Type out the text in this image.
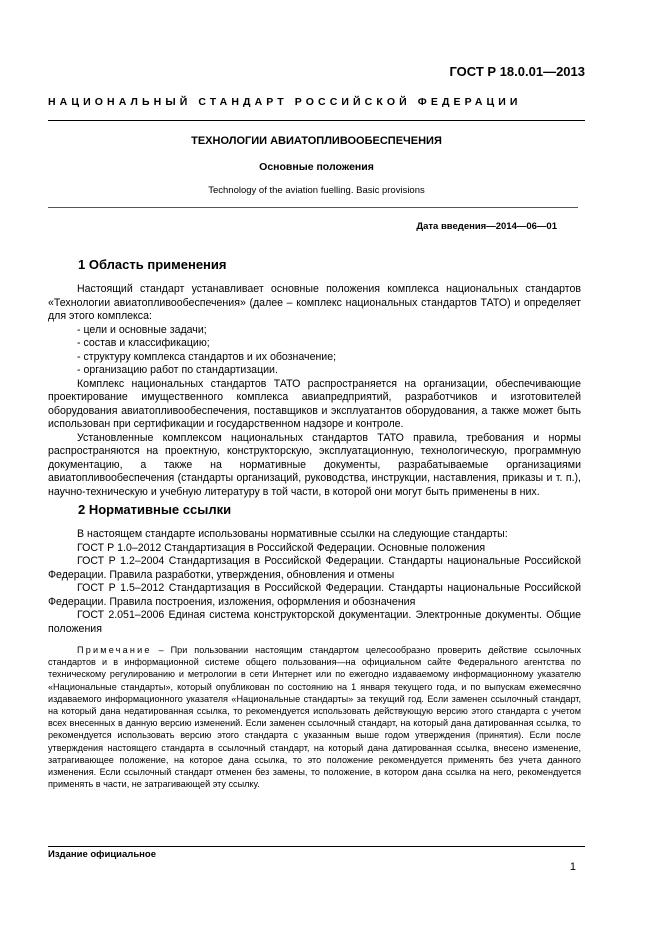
ГОСТ Р 18.0.01—2013
НАЦИОНАЛЬНЫЙ СТАНДАРТ РОССИЙСКОЙ ФЕДЕРАЦИИ
ТЕХНОЛОГИИ АВИАТОПЛИВООБЕСПЕЧЕНИЯ
Основные положения
Technology of the aviation fuelling. Basic provisions
Дата введения—2014—06—01
1 Область применения

Настоящий стандарт устанавливает основные положения комплекса национальных стандартов «Технологии авиатопливообеспечения» (далее – комплекс национальных стандартов ТАТО) и определяет для этого комплекса:

- цели и основные задачи;

- состав и классификацию;

- структуру комплекса стандартов и их обозначение;

- организацию работ по стандартизации.

Комплекс национальных стандартов ТАТО распространяется на организации, обеспечивающие проектирование имущественного комплекса авиапредприятий, разработчиков и изготовителей оборудования авиатопливообеспечения, поставщиков и эксплуатантов оборудования, а также может быть использован при сертификации и государственном надзоре и контроле.

Установленные комплексом национальных стандартов ТАТО правила, требования и нормы распространяются на проектную, конструкторскую, эксплуатационную, технологическую, программную документацию, а также на нормативные документы, разрабатываемые организациями авиатопливообеспечения (стандарты организаций, руководства, инструкции, наставления, приказы и т. п.), научно-техническую и учебную литературу в той части, в которой они могут быть применены в них.

2 Нормативные ссылки

В настоящем стандарте использованы нормативные ссылки на следующие стандарты:

ГОСТ Р 1.0–2012 Стандартизация в Российской Федерации. Основные положения

ГОСТ Р 1.2–2004 Стандартизация в Российской Федерации. Стандарты национальные Российской Федерации. Правила разработки, утверждения, обновления и отмены

ГОСТ Р 1.5–2012 Стандартизация в Российской Федерации. Стандарты национальные Российской Федерации. Правила построения, изложения, оформления и обозначения

ГОСТ 2.051–2006 Единая система конструкторской документации. Электронные документы. Общие положения

Примечание – При пользовании настоящим стандартом целесообразно проверить действие ссылочных стандартов и в информационной системе общего пользования—на официальном сайте Федерального агентства по техническому регулированию и метрологии в сети Интернет или по ежегодно издаваемому информационному указателю «Национальные стандарты», который опубликован по состоянию на 1 января текущего года, и по выпускам ежемесячно издаваемого информационного указателя «Национальные стандарты» за текущий год. Если заменен ссылочный стандарт, на который дана недатированная ссылка, то рекомендуется использовать действующую версию этого стандарта с учетом всех внесенных в данную версию изменений. Если заменен ссылочный стандарт, на который дана датированная ссылка, то рекомендуется использовать версию этого стандарта с указанным выше годом утверждения (принятия). Если после утверждения настоящего стандарта в ссылочный стандарт, на который дана датированная ссылка, внесено изменение, затрагивающее положение, на которое дана ссылка, то это положение рекомендуется применять без учета данного изменения. Если ссылочный стандарт отменен без замены, то положение, в котором дана ссылка на него, рекомендуется применять в части, не затрагивающей эту ссылку.
Издание официальное
1
